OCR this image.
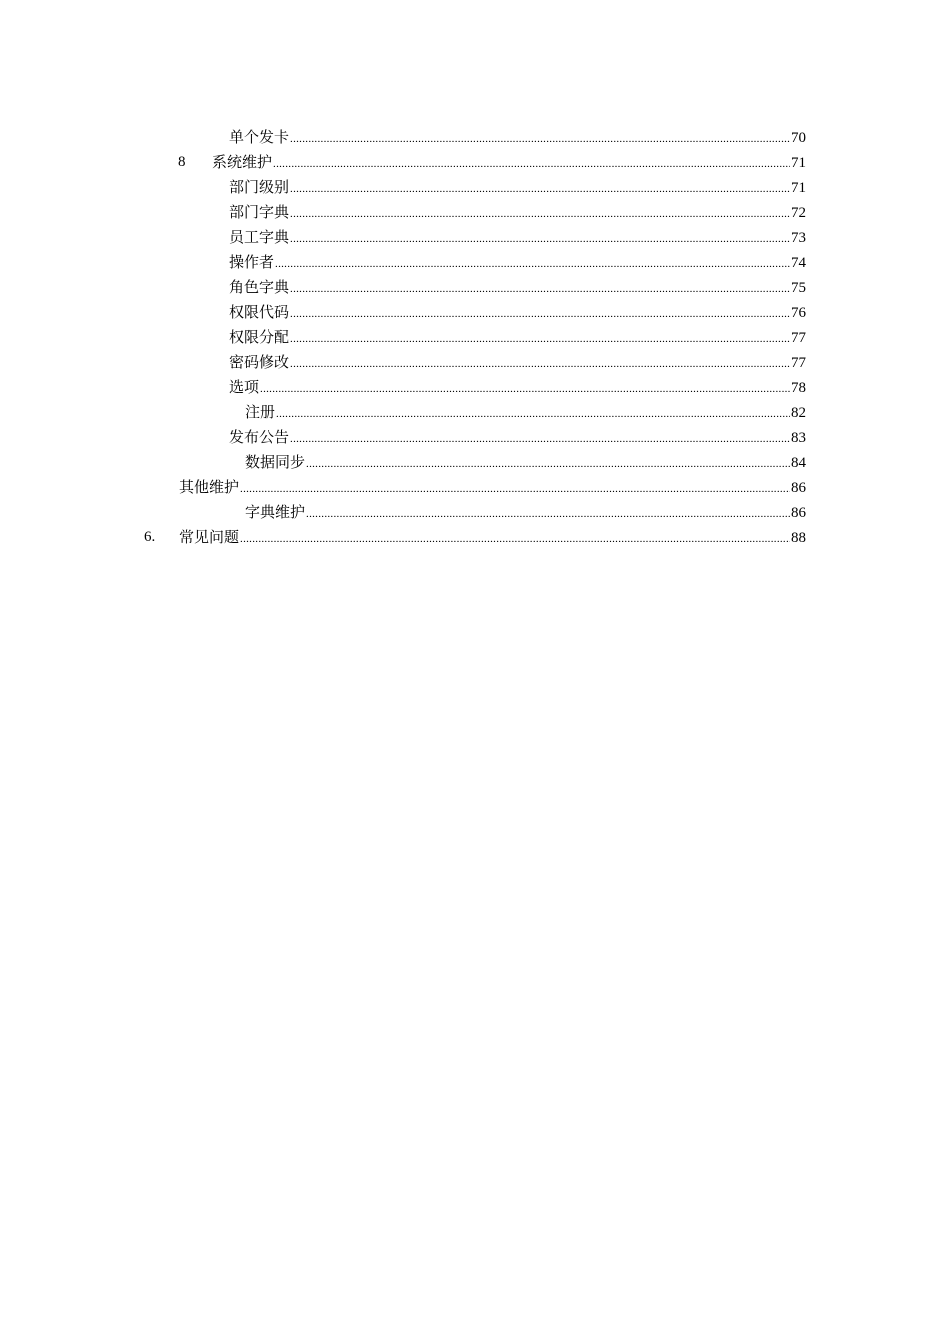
单个发卡 .....	70
8 系统维护 .....	71
部门级别 .....	71
部门字典 .....	72
员工字典 .....	73
操作者 .....	74
角色字典 .....	75
权限代码 .....	76
权限分配 .....	77
密码修改 .....	77
选项 .....	78
注册 .....	82
发布公告 .....	83
数据同步 .....	84
其他维护 .....	86
字典维护 .....	86
6. 常见问题 .....	88
